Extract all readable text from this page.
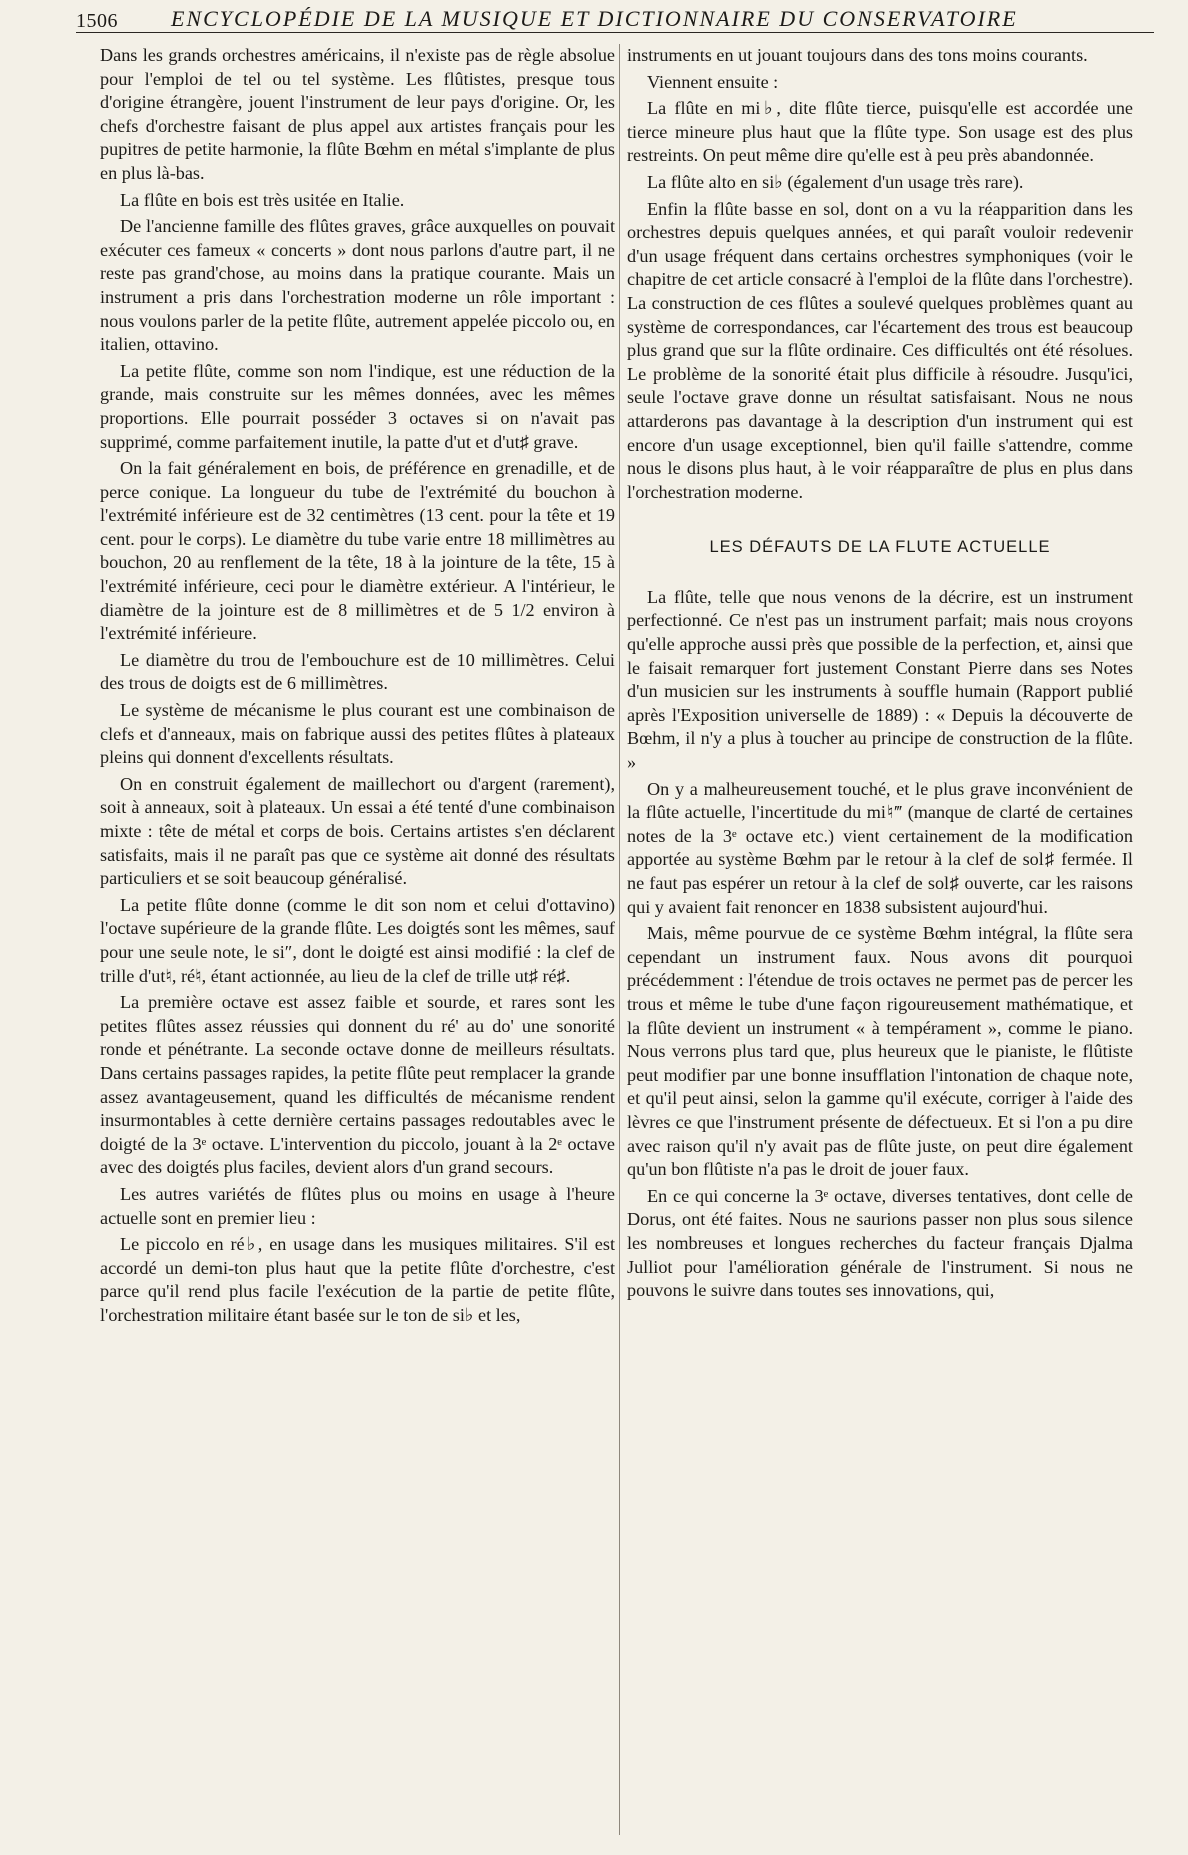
1506 ENCYCLOPÉDIE DE LA MUSIQUE ET DICTIONNAIRE DU CONSERVATOIRE

Dans les grands orchestres américains, il n'existe pas de règle absolue pour l'emploi de tel ou tel système. Les flûtistes, presque tous d'origine étrangère, jouent l'instrument de leur pays d'origine. Or, les chefs d'orchestre faisant de plus appel aux artistes français pour les pupitres de petite harmonie, la flûte Bœhm en métal s'implante de plus en plus là-bas.

La flûte en bois est très usitée en Italie.

De l'ancienne famille des flûtes graves, grâce auxquelles on pouvait exécuter ces fameux « concerts » dont nous parlons d'autre part, il ne reste pas grand'chose, au moins dans la pratique courante. Mais un instrument a pris dans l'orchestration moderne un rôle important : nous voulons parler de la petite flûte, autrement appelée piccolo ou, en italien, ottavino.

La petite flûte, comme son nom l'indique, est une réduction de la grande, mais construite sur les mêmes données, avec les mêmes proportions. Elle pourrait posséder 3 octaves si on n'avait pas supprimé, comme parfaitement inutile, la patte d'ut et d'ut♯ grave.

On la fait généralement en bois, de préférence en grenadille, et de perce conique. La longueur du tube de l'extrémité du bouchon à l'extrémité inférieure est de 32 centimètres (13 cent. pour la tête et 19 cent. pour le corps). Le diamètre du tube varie entre 18 millimètres au bouchon, 20 au renflement de la tête, 18 à la jointure de la tête, 15 à l'extrémité inférieure, ceci pour le diamètre extérieur. A l'intérieur, le diamètre de la jointure est de 8 millimètres et de 5 1/2 environ à l'extrémité inférieure.

Le diamètre du trou de l'embouchure est de 10 millimètres. Celui des trous de doigts est de 6 millimètres.

Le système de mécanisme le plus courant est une combinaison de clefs et d'anneaux, mais on fabrique aussi des petites flûtes à plateaux pleins qui donnent d'excellents résultats.

On en construit également de maillechort ou d'argent (rarement), soit à anneaux, soit à plateaux. Un essai a été tenté d'une combinaison mixte : tête de métal et corps de bois. Certains artistes s'en déclarent satisfaits, mais il ne paraît pas que ce système ait donné des résultats particuliers et se soit beaucoup généralisé.

La petite flûte donne (comme le dit son nom et celui d'ottavino) l'octave supérieure de la grande flûte. Les doigtés sont les mêmes, sauf pour une seule note, le si″, dont le doigté est ainsi modifié : la clef de trille d'ut♮, ré♮, étant actionnée, au lieu de la clef de trille ut♯ ré♯.

La première octave est assez faible et sourde, et rares sont les petites flûtes assez réussies qui donnent du ré' au do' une sonorité ronde et pénétrante. La seconde octave donne de meilleurs résultats. Dans certains passages rapides, la petite flûte peut remplacer la grande assez avantageusement, quand les difficultés de mécanisme rendent insurmontables à cette dernière certains passages redoutables avec le doigté de la 3ᵉ octave. L'intervention du piccolo, jouant à la 2ᵉ octave avec des doigtés plus faciles, devient alors d'un grand secours.

Les autres variétés de flûtes plus ou moins en usage à l'heure actuelle sont en premier lieu :

Le piccolo en ré♭, en usage dans les musiques militaires. S'il est accordé un demi-ton plus haut que la petite flûte d'orchestre, c'est parce qu'il rend plus facile l'exécution de la partie de petite flûte, l'orchestration militaire étant basée sur le ton de si♭ et les,

instruments en ut jouant toujours dans des tons moins courants.

Viennent ensuite :

La flûte en mi♭, dite flûte tierce, puisqu'elle est accordée une tierce mineure plus haut que la flûte type. Son usage est des plus restreints. On peut même dire qu'elle est à peu près abandonnée.

La flûte alto en si♭ (également d'un usage très rare).

Enfin la flûte basse en sol, dont on a vu la réapparition dans les orchestres depuis quelques années, et qui paraît vouloir redevenir d'un usage fréquent dans certains orchestres symphoniques (voir le chapitre de cet article consacré à l'emploi de la flûte dans l'orchestre). La construction de ces flûtes a soulevé quelques problèmes quant au système de correspondances, car l'écartement des trous est beaucoup plus grand que sur la flûte ordinaire. Ces difficultés ont été résolues. Le problème de la sonorité était plus difficile à résoudre. Jusqu'ici, seule l'octave grave donne un résultat satisfaisant. Nous ne nous attarderons pas davantage à la description d'un instrument qui est encore d'un usage exceptionnel, bien qu'il faille s'attendre, comme nous le disons plus haut, à le voir réapparaître de plus en plus dans l'orchestration moderne.

LES DÉFAUTS DE LA FLUTE ACTUELLE

La flûte, telle que nous venons de la décrire, est un instrument perfectionné. Ce n'est pas un instrument parfait; mais nous croyons qu'elle approche aussi près que possible de la perfection, et, ainsi que le faisait remarquer fort justement Constant Pierre dans ses Notes d'un musicien sur les instruments à souffle humain (Rapport publié après l'Exposition universelle de 1889) : « Depuis la découverte de Bœhm, il n'y a plus à toucher au principe de construction de la flûte. »

On y a malheureusement touché, et le plus grave inconvénient de la flûte actuelle, l'incertitude du mi♮‴ (manque de clarté de certaines notes de la 3ᵉ octave etc.) vient certainement de la modification apportée au système Bœhm par le retour à la clef de sol♯ fermée. Il ne faut pas espérer un retour à la clef de sol♯ ouverte, car les raisons qui y avaient fait renoncer en 1838 subsistent aujourd'hui.

Mais, même pourvue de ce système Bœhm intégral, la flûte sera cependant un instrument faux. Nous avons dit pourquoi précédemment : l'étendue de trois octaves ne permet pas de percer les trous et même le tube d'une façon rigoureusement mathématique, et la flûte devient un instrument « à tempérament », comme le piano. Nous verrons plus tard que, plus heureux que le pianiste, le flûtiste peut modifier par une bonne insufflation l'intonation de chaque note, et qu'il peut ainsi, selon la gamme qu'il exécute, corriger à l'aide des lèvres ce que l'instrument présente de défectueux. Et si l'on a pu dire avec raison qu'il n'y avait pas de flûte juste, on peut dire également qu'un bon flûtiste n'a pas le droit de jouer faux.

En ce qui concerne la 3ᵉ octave, diverses tentatives, dont celle de Dorus, ont été faites. Nous ne saurions passer non plus sous silence les nombreuses et longues recherches du facteur français Djalma Julliot pour l'amélioration générale de l'instrument. Si nous ne pouvons le suivre dans toutes ses innovations, qui,
